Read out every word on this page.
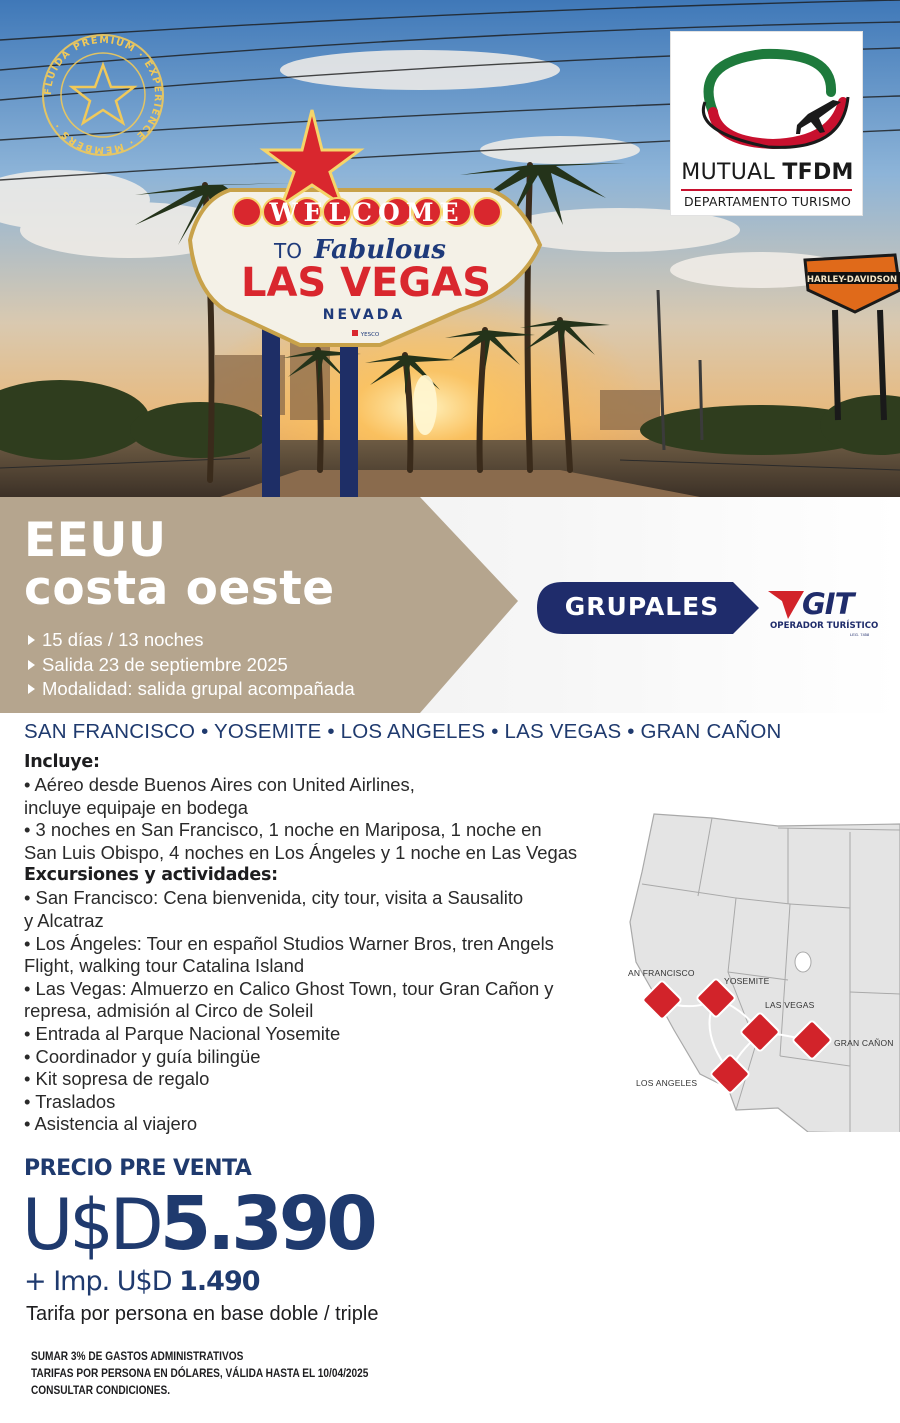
HARLEY-DAVIDSON
WELCOME
TO Fabulous
LAS VEGAS
NEVADA
YESCO
FLUIDA PREMIUM · EXPERIENCE · MEMBERS ·
MUTUAL TFDM
DEPARTAMENTO TURISMO
EEUU
costa oeste
15 días / 13 noches
Salida 23 de septiembre 2025
Modalidad: salida grupal acompañada
GRUPALES	GIT
OPERADOR TURÍSTICO
LEG. 7458
SAN FRANCISCO • YOSEMITE • LOS ANGELES • LAS VEGAS • GRAN CAÑON
AN FRANCISCO
YOSEMITE
LAS VEGAS
GRAN CAÑON
LOS ANGELES
Incluye:
• Aéreo desde Buenos Aires con United Airlines,
incluye equipaje en bodega
• 3 noches en San Francisco, 1 noche en Mariposa, 1 noche en
San Luis Obispo, 4 noches en Los Ángeles y 1 noche en Las Vegas
Excursiones y actividades:
• San Francisco: Cena bienvenida, city tour, visita a Sausalito
y Alcatraz
• Los Ángeles: Tour en español Studios Warner Bros, tren Angels
Flight, walking tour Catalina Island
• Las Vegas: Almuerzo en Calico Ghost Town, tour Gran Cañon y
represa, admisión al Circo de Soleil
• Entrada al Parque Nacional Yosemite
• Coordinador y guía bilingüe
• Kit sopresa de regalo
• Traslados
• Asistencia al viajero
PRECIO PRE VENTA
U$D5.390
+ Imp. U$D 1.490
Tarifa por persona en base doble / triple
SUMAR 3% DE GASTOS ADMINISTRATIVOS
TARIFAS POR PERSONA EN DÓLARES, VÁLIDA HASTA EL 10/04/2025
CONSULTAR CONDICIONES.
